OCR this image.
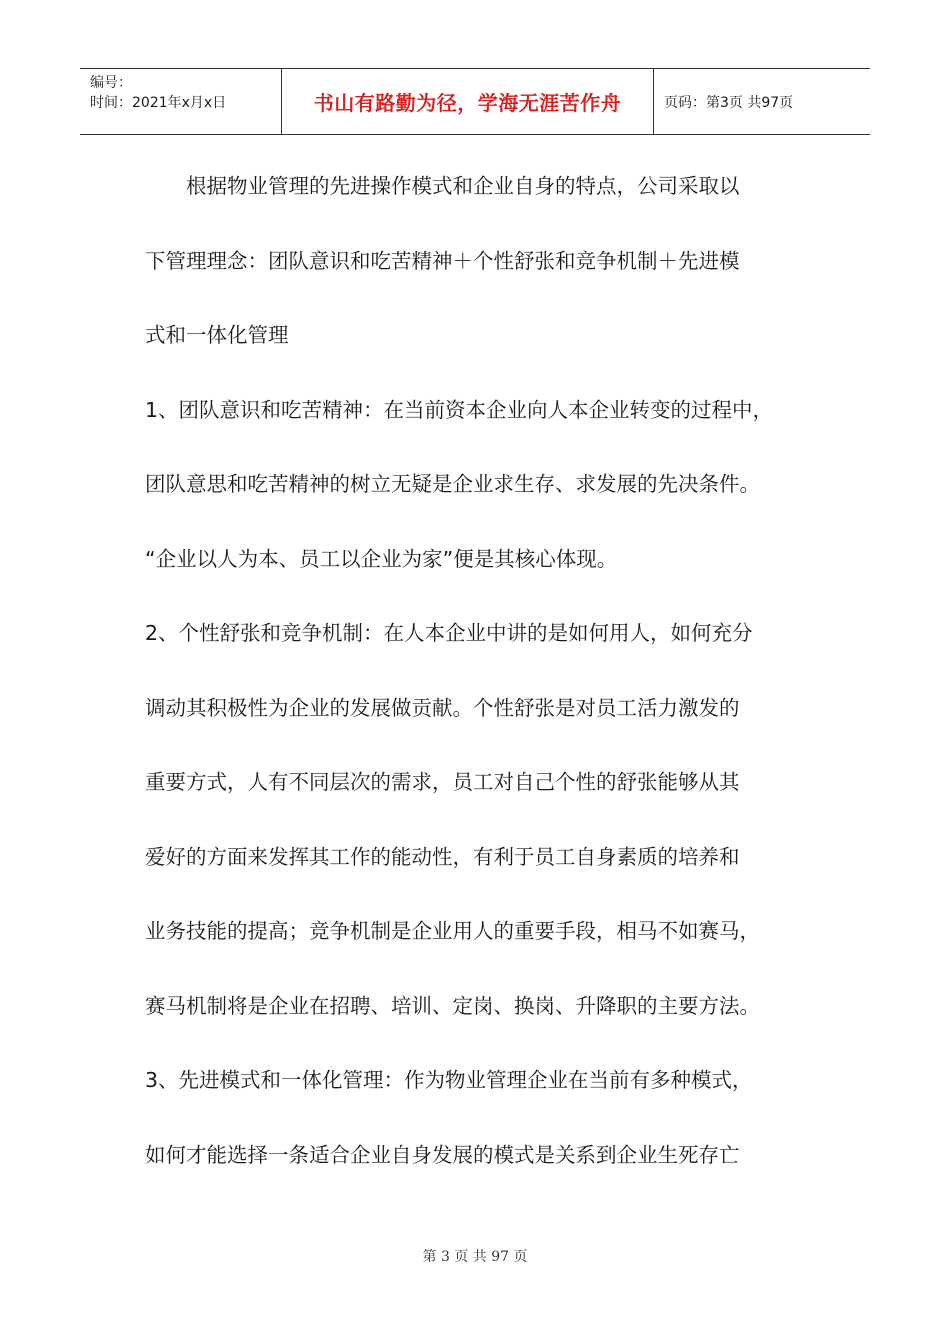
编号：
时间：2021年x月x日	书山有路勤为径，学海无涯苦作舟	页码：第3页 共97页
　　根据物业管理的先进操作模式和企业自身的特点，公司采取以
下管理理念：团队意识和吃苦精神＋个性舒张和竞争机制＋先进模
式和一体化管理
1、团队意识和吃苦精神：在当前资本企业向人本企业转变的过程中，
团队意思和吃苦精神的树立无疑是企业求生存、求发展的先决条件。
“企业以人为本、员工以企业为家”便是其核心体现。
2、个性舒张和竞争机制：在人本企业中讲的是如何用人，如何充分
调动其积极性为企业的发展做贡献。个性舒张是对员工活力激发的
重要方式，人有不同层次的需求，员工对自己个性的舒张能够从其
爱好的方面来发挥其工作的能动性，有利于员工自身素质的培养和
业务技能的提高；竞争机制是企业用人的重要手段，相马不如赛马，
赛马机制将是企业在招聘、培训、定岗、换岗、升降职的主要方法。
3、先进模式和一体化管理：作为物业管理企业在当前有多种模式，
如何才能选择一条适合企业自身发展的模式是关系到企业生死存亡
第 3 页 共 97 页
